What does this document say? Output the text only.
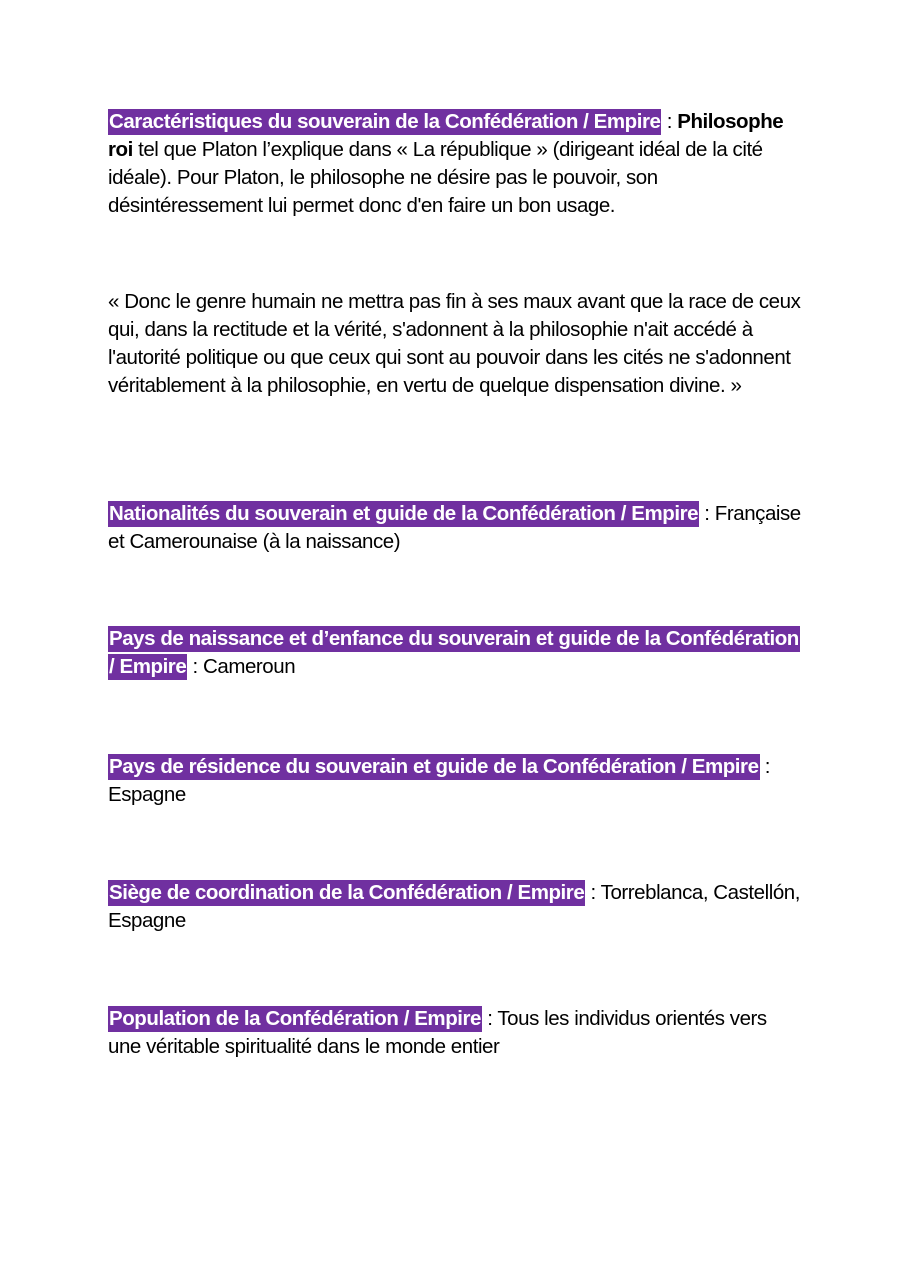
Caractéristiques du souverain de la Confédération / Empire : Philosophe roi tel que Platon l’explique dans « La république » (dirigeant idéal de la cité idéale). Pour Platon, le philosophe ne désire pas le pouvoir, son désintéressement lui permet donc d'en faire un bon usage.

« Donc le genre humain ne mettra pas fin à ses maux avant que la race de ceux qui, dans la rectitude et la vérité, s'adonnent à la philosophie n'ait accédé à l'autorité politique ou que ceux qui sont au pouvoir dans les cités ne s'adonnent véritablement à la philosophie, en vertu de quelque dispensation divine. »

Nationalités du souverain et guide de la Confédération / Empire : Française et Camerounaise (à la naissance)

Pays de naissance et d’enfance du souverain et guide de la Confédération / Empire : Cameroun

Pays de résidence du souverain et guide de la Confédération / Empire : Espagne

Siège de coordination de la Confédération / Empire : Torreblanca, Castellón, Espagne

Population de la Confédération / Empire : Tous les individus orientés vers une véritable spiritualité dans le monde entier
